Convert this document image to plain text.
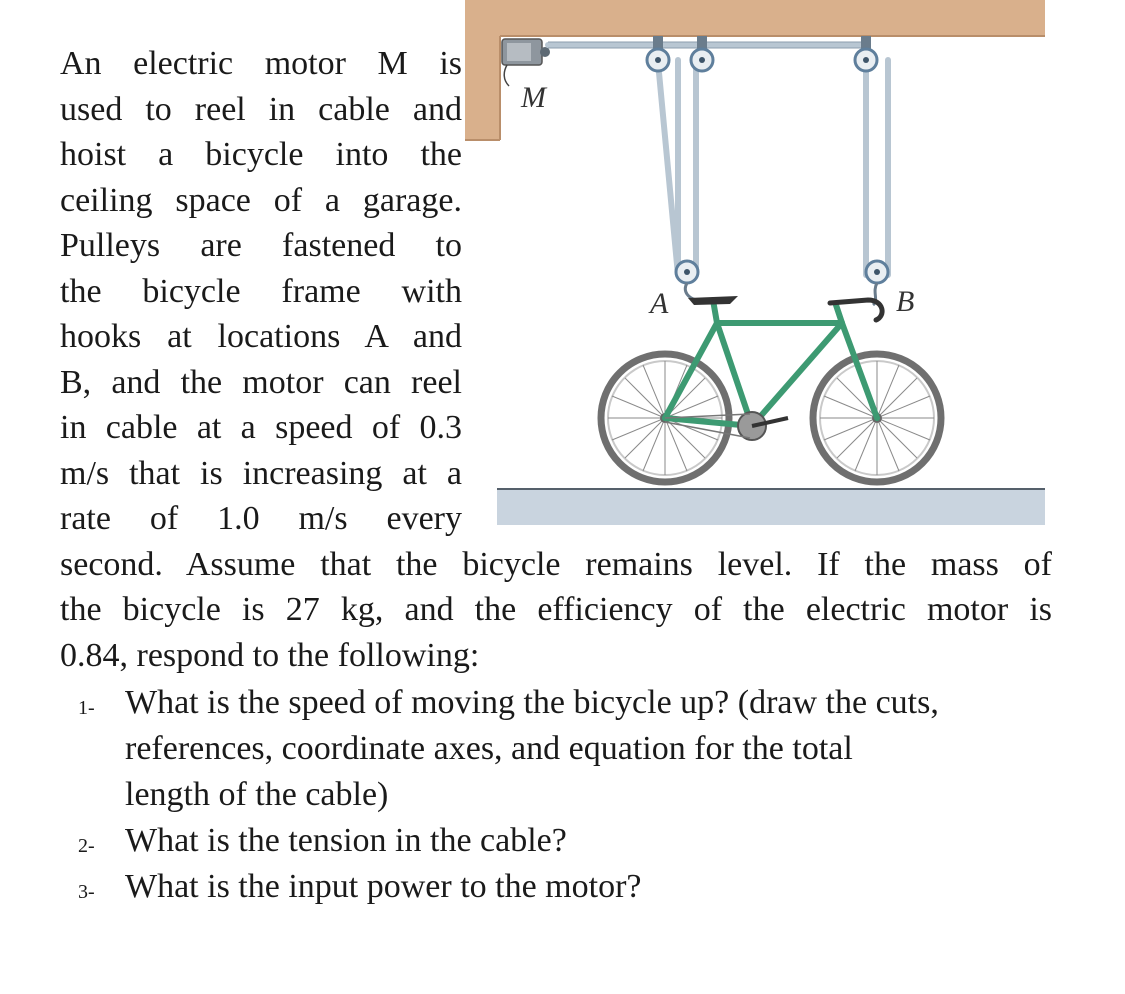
M
A	B
An electric motor M is
used to reel in cable and
hoist a bicycle into the
ceiling space of a garage.
Pulleys are fastened to
the bicycle frame with
hooks at locations A and
B, and the motor can reel
in cable at a speed of 0.3
m/s that is increasing at a
rate of 1.0 m/s every
second. Assume that the bicycle remains level. If the mass of
the bicycle is 27 kg, and the efficiency of the electric motor is
0.84, respond to the following:
1- What is the speed of moving the bicycle up? (draw the cuts,
references, coordinate axes, and equation for the total
length of the cable)
2- What is the tension in the cable?
3- What is the input power to the motor?
